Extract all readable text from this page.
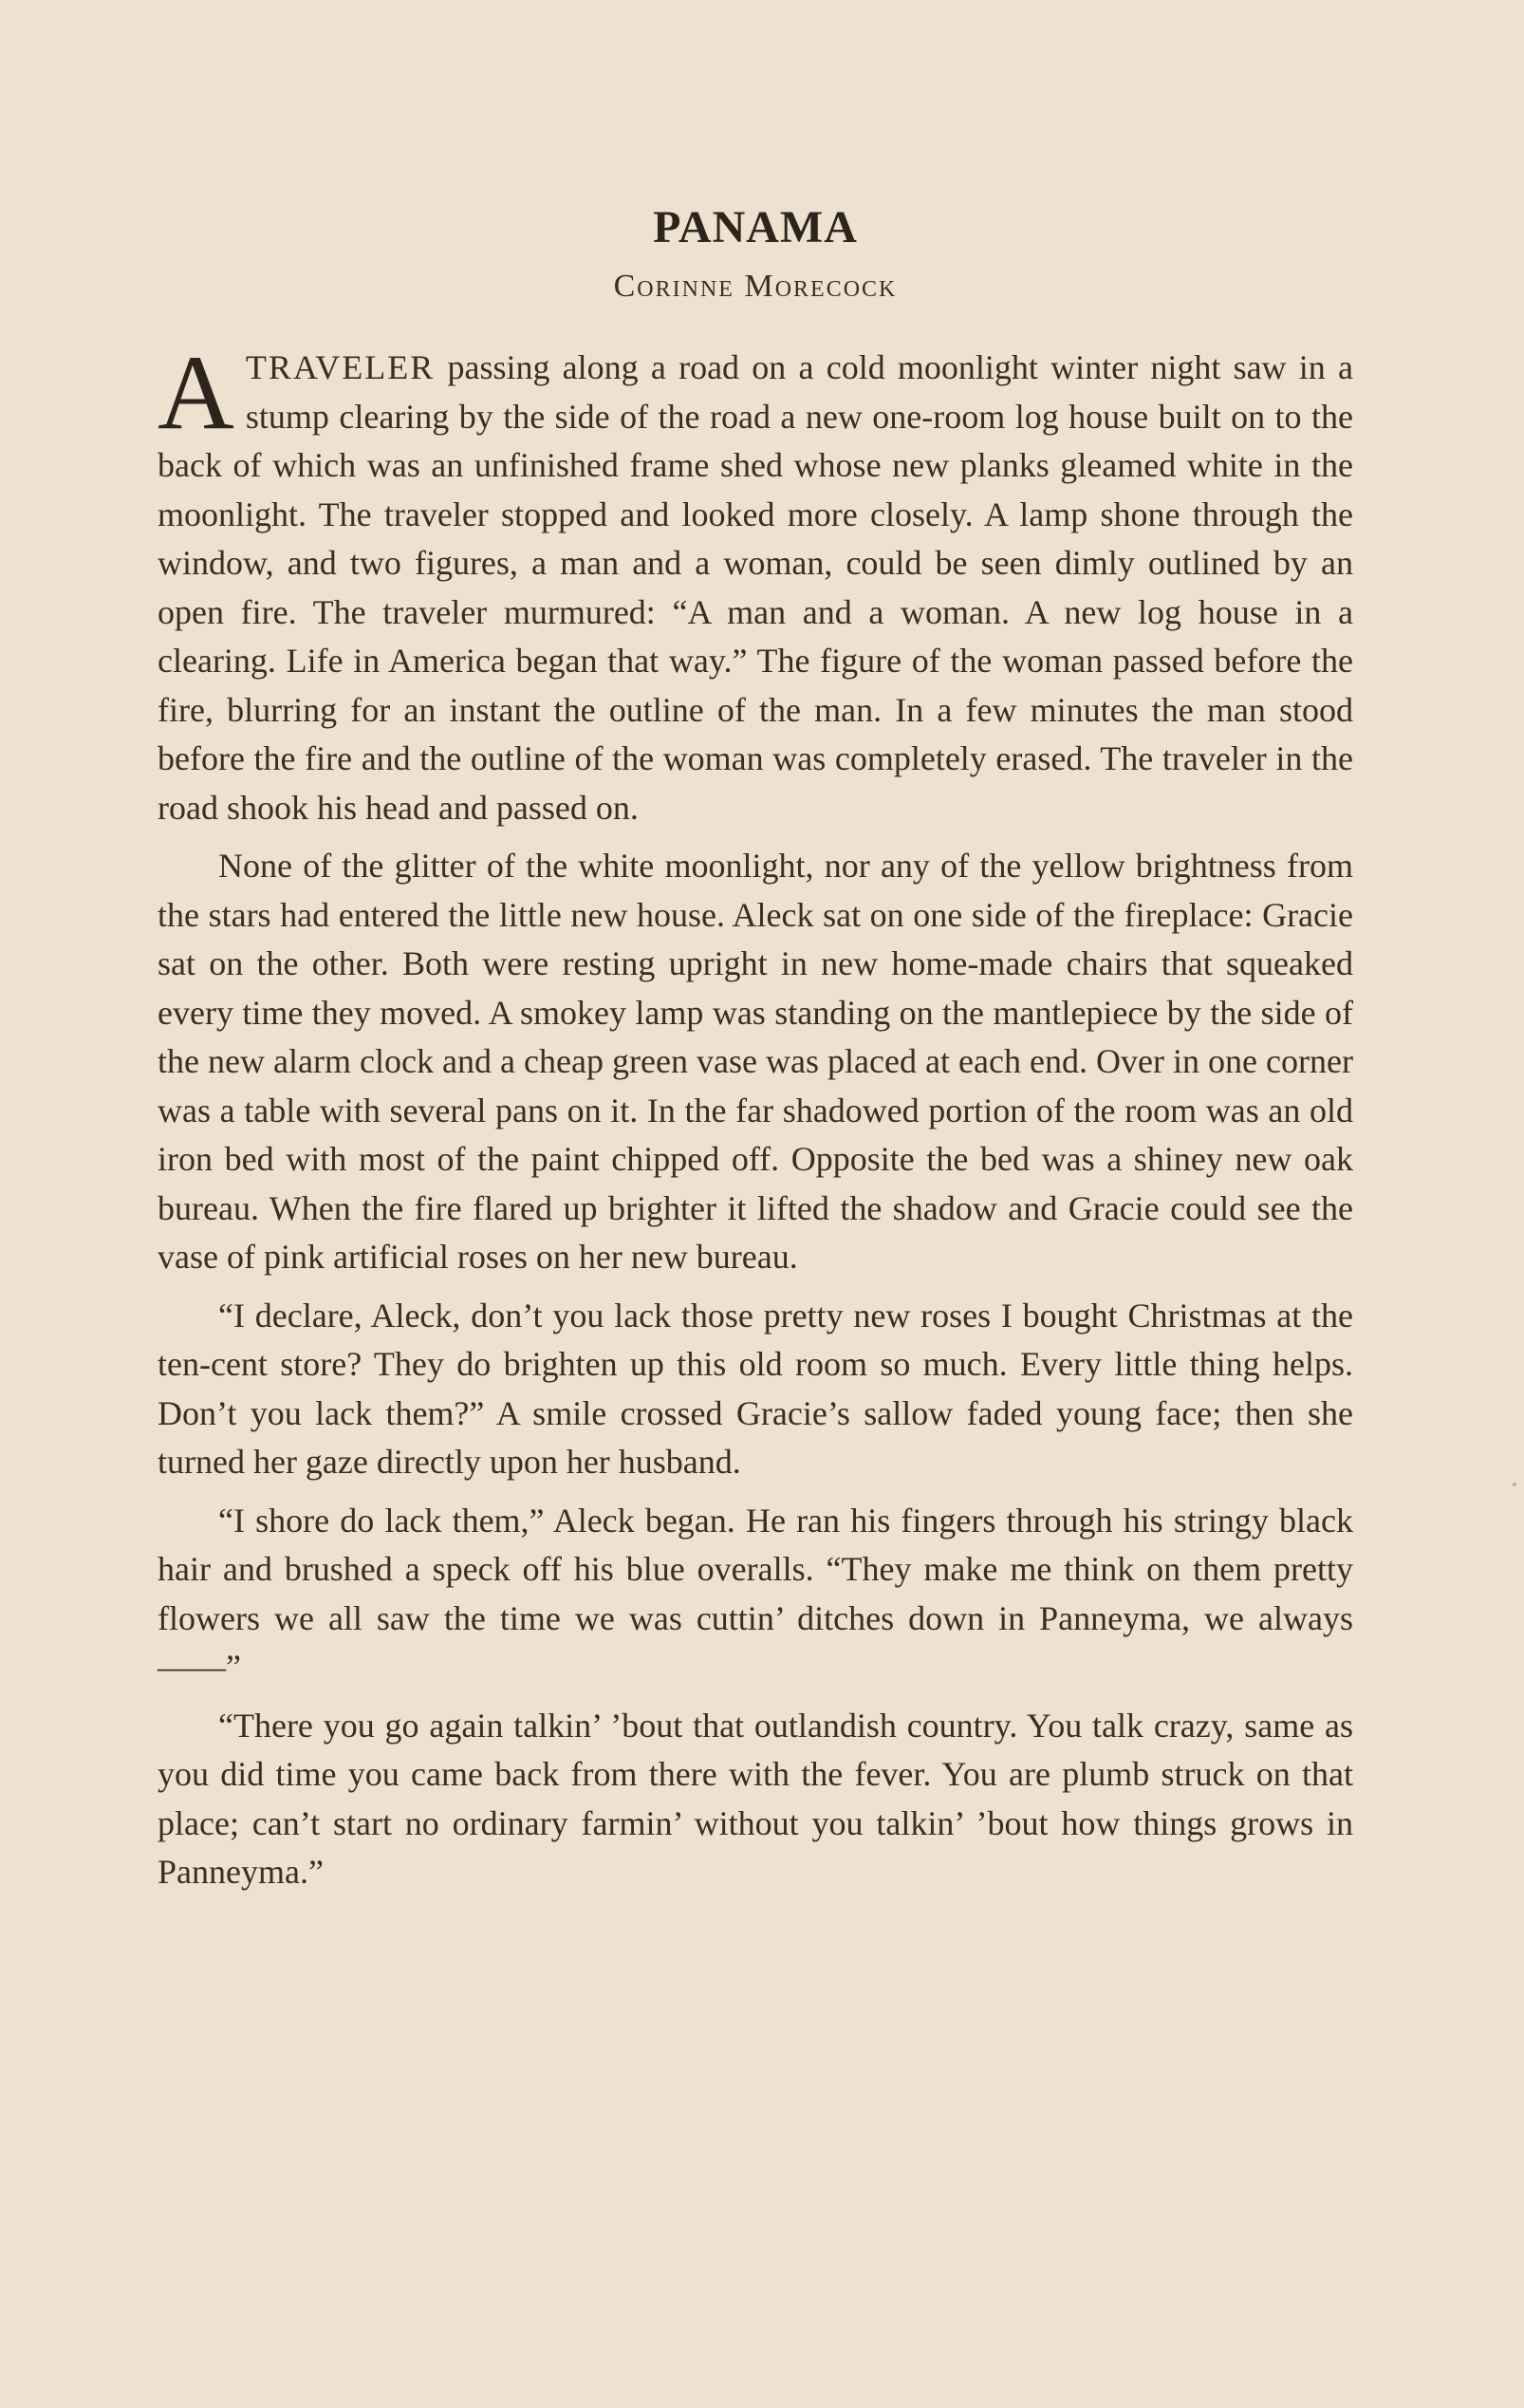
PANAMA
Corinne Morecock

ATRAVELER passing along a road on a cold moonlight winter night saw in a stump clearing by the side of the road a new one-room log house built on to the back of which was an unfinished frame shed whose new planks gleamed white in the moonlight. The traveler stopped and looked more closely. A lamp shone through the window, and two figures, a man and a woman, could be seen dimly outlined by an open fire. The traveler murmured: “A man and a woman. A new log house in a clearing. Life in America began that way.” The figure of the woman passed before the fire, blurring for an instant the outline of the man. In a few minutes the man stood before the fire and the outline of the woman was completely erased. The traveler in the road shook his head and passed on.

None of the glitter of the white moonlight, nor any of the yellow brightness from the stars had entered the little new house. Aleck sat on one side of the fireplace: Gracie sat on the other. Both were resting upright in new home-made chairs that squeaked every time they moved. A smokey lamp was standing on the mantlepiece by the side of the new alarm clock and a cheap green vase was placed at each end. Over in one corner was a table with several pans on it. In the far shadowed portion of the room was an old iron bed with most of the paint chipped off. Opposite the bed was a shiney new oak bureau. When the fire flared up brighter it lifted the shadow and Gracie could see the vase of pink artificial roses on her new bureau.

“I declare, Aleck, don’t you lack those pretty new roses I bought Christmas at the ten-cent store? They do brighten up this old room so much. Every little thing helps. Don’t you lack them?” A smile crossed Gracie’s sallow faded young face; then she turned her gaze directly upon her husband.

“I shore do lack them,” Aleck began. He ran his fingers through his stringy black hair and brushed a speck off his blue overalls. “They make me think on them pretty flowers we all saw the time we was cuttin’ ditches down in Panneyma, we always——”

“There you go again talkin’ ’bout that outlandish country. You talk crazy, same as you did time you came back from there with the fever. You are plumb struck on that place; can’t start no ordinary farmin’ without you talkin’ ’bout how things grows in Panneyma.”
